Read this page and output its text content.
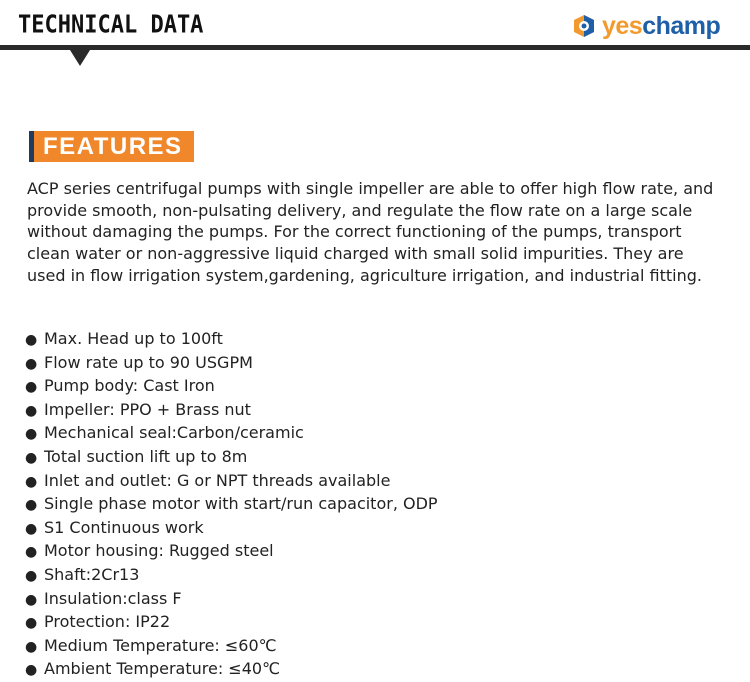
TECHNICAL DATA	yeschamp
FEATURES
ACP series centrifugal pumps with single impeller are able to offer high flow rate, and provide smooth, non-pulsating delivery, and regulate the flow rate on a large scale without damaging the pumps. For the correct functioning of the pumps, transport clean water or non-aggressive liquid charged with small solid impurities. They are used in flow irrigation system,gardening, agriculture irrigation, and industrial fitting.
● Max. Head up to 100ft
● Flow rate up to 90 USGPM
● Pump body: Cast Iron
● Impeller: PPO + Brass nut
● Mechanical seal:Carbon/ceramic
● Total suction lift up to 8m
● Inlet and outlet: G or NPT threads available
● Single phase motor with start/run capacitor, ODP
● S1 Continuous work
● Motor housing: Rugged steel
● Shaft:2Cr13
● Insulation:class F
● Protection: IP22
● Medium Temperature: ≤60℃
● Ambient Temperature: ≤40℃
